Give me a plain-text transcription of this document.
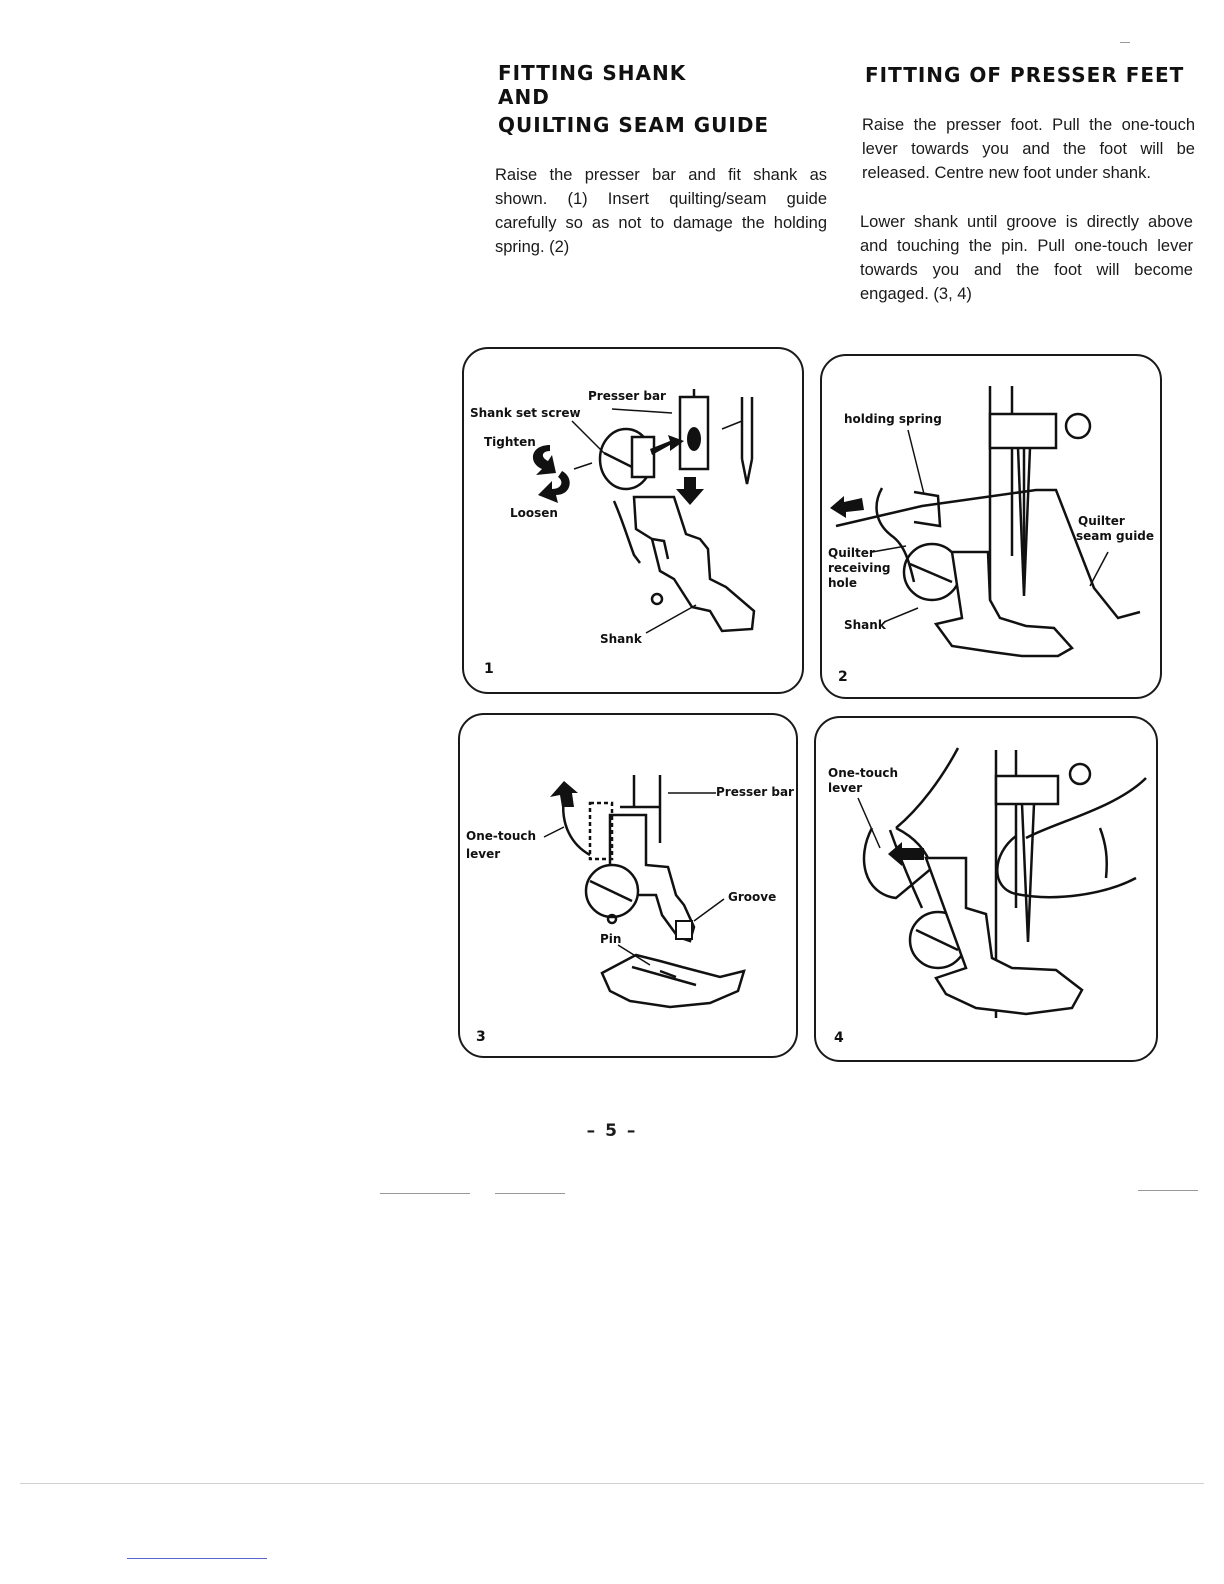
FITTING SHANK

AND

QUILTING SEAM GUIDE

Raise the presser bar and fit shank as shown. (1) Insert quilting/seam guide carefully so as not to damage the holding spring. (2)

FITTING OF PRESSER FEET

Raise the presser foot. Pull the one-touch lever towards you and the foot will be released. Centre new foot under shank.

Lower shank until groove is directly above and touching the pin. Pull one-touch lever towards you and the foot will become engaged. (3, 4)

Presser bar
Shank set screw
Tighten
Loosen
Shank
1
holding spring
Quilter
receiving
hole
Quilter
seam guide
Shank
2
Presser bar
One-touch
lever
Groove
Pin
3
One-touch
lever
4
– 5 –
